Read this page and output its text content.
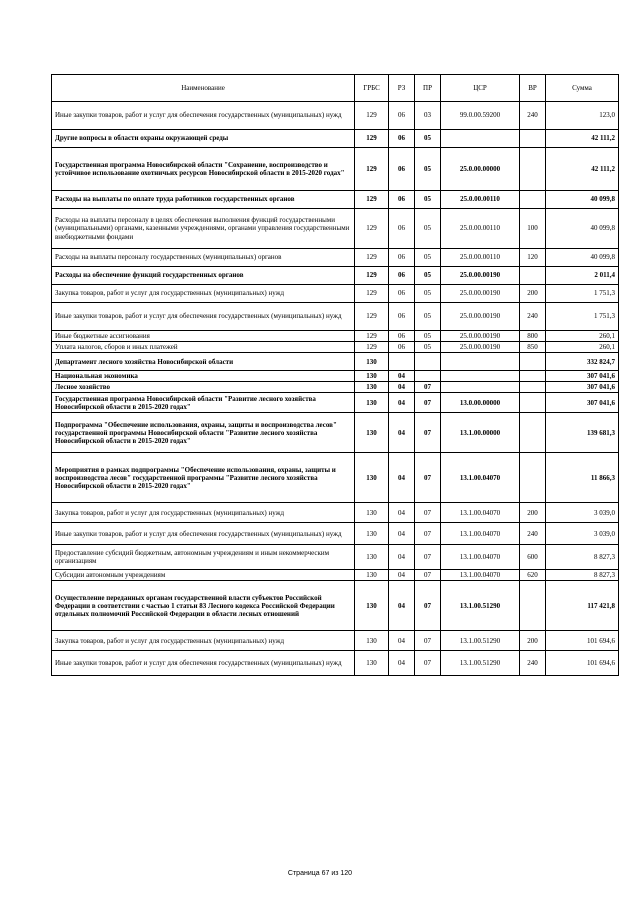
Наименование	ГРБС	РЗ	ПР	ЦСР	ВР	Сумма
Иные закупки товаров, работ и услуг для обеспечения государственных (муниципальных) нужд	129	06	03	99.0.00.59200	240	123,0
Другие вопросы в области охраны окружающей среды	129	06	05			42 111,2
Государственная программа Новосибирской области "Сохранение, воспроизводство и устойчивое использование охотничьих ресурсов Новосибирской области в 2015-2020 годах"	129	06	05	25.0.00.00000		42 111,2
Расходы на выплаты по оплате труда работников государственных органов	129	06	05	25.0.00.00110		40 099,8
Расходы на выплаты персоналу в целях обеспечения выполнения функций государственными (муниципальными) органами, казенными учреждениями, органами управления государственными внебюджетными фондами	129	06	05	25.0.00.00110	100	40 099,8
Расходы на выплаты персоналу государственных (муниципальных) органов	129	06	05	25.0.00.00110	120	40 099,8
Расходы на обеспечение функций государственных органов	129	06	05	25.0.00.00190		2 011,4
Закупка товаров, работ и услуг для государственных (муниципальных) нужд	129	06	05	25.0.00.00190	200	1 751,3
Иные закупки товаров, работ и услуг для обеспечения государственных (муниципальных) нужд	129	06	05	25.0.00.00190	240	1 751,3
Иные бюджетные ассигнования	129	06	05	25.0.00.00190	800	260,1
Уплата налогов, сборов и иных платежей	129	06	05	25.0.00.00190	850	260,1
Департамент лесного хозяйства Новосибирской области	130					332 824,7
Национальная экономика	130	04				307 041,6
Лесное хозяйство	130	04	07			307 041,6
Государственная программа Новосибирской области "Развитие лесного хозяйства Новосибирской области в 2015-2020 годах"	130	04	07	13.0.00.00000		307 041,6
Подпрограмма "Обеспечение использования, охраны, защиты и воспроизводства лесов" государственной программы Новосибирской области "Развитие лесного хозяйства Новосибирской области в 2015-2020 годах"	130	04	07	13.1.00.00000		139 681,3
Мероприятия в рамках подпрограммы "Обеспечение использования, охраны, защиты и воспроизводства лесов" государственной программы "Развитие лесного хозяйства Новосибирской области в 2015-2020 годах"	130	04	07	13.1.00.04070		11 866,3
Закупка товаров, работ и услуг для государственных (муниципальных) нужд	130	04	07	13.1.00.04070	200	3 039,0
Иные закупки товаров, работ и услуг для обеспечения государственных (муниципальных) нужд	130	04	07	13.1.00.04070	240	3 039,0
Предоставление субсидий бюджетным, автономным учреждениям и иным некоммерческим организациям	130	04	07	13.1.00.04070	600	8 827,3
Субсидии автономным учреждениям	130	04	07	13.1.00.04070	620	8 827,3
Осуществление переданных органам государственной власти субъектов Российской Федерации в соответствии с частью 1 статьи 83 Лесного кодекса Российской Федерации отдельных полномочий Российской Федерации в области лесных отношений	130	04	07	13.1.00.51290		117 421,8
Закупка товаров, работ и услуг для государственных (муниципальных) нужд	130	04	07	13.1.00.51290	200	101 694,6
Иные закупки товаров, работ и услуг для обеспечения государственных (муниципальных) нужд	130	04	07	13.1.00.51290	240	101 694,6
Страница 67 из 120
